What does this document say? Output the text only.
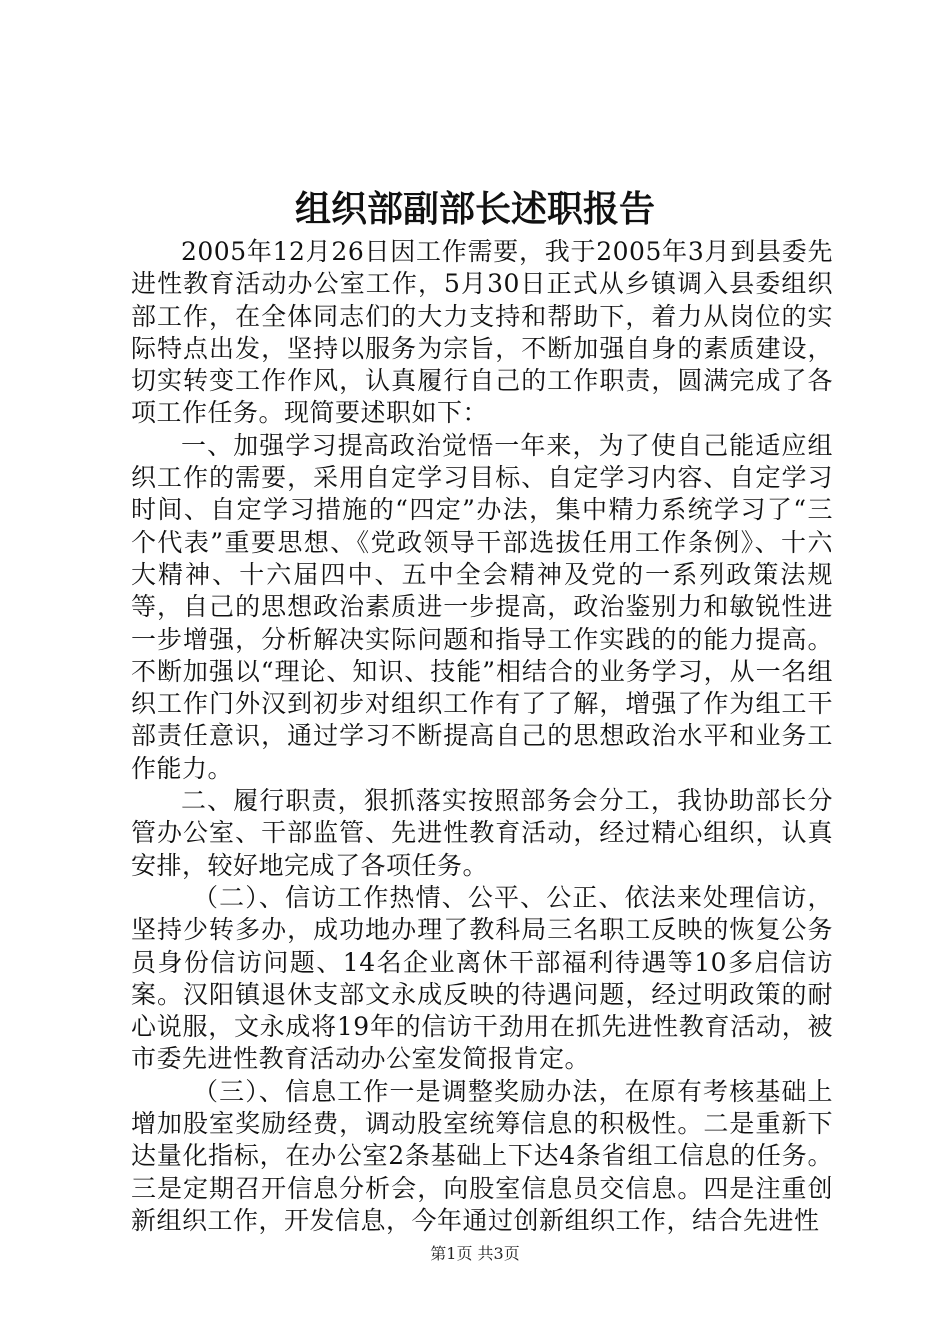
组织部副部长述职报告

2005年12月26日因工作需要，我于2005年3月到县委先进性教育活动办公室工作，5月30日正式从乡镇调入县委组织部工作，在全体同志们的大力支持和帮助下，着力从岗位的实际特点出发，坚持以服务为宗旨，不断加强自身的素质建设，切实转变工作作风，认真履行自己的工作职责，圆满完成了各项工作任务。现简要述职如下：

一、加强学习提高政治觉悟一年来，为了使自己能适应组织工作的需要，采用自定学习目标、自定学习内容、自定学习时间、自定学习措施的“四定”办法，集中精力系统学习了“三个代表”重要思想、《党政领导干部选拔任用工作条例》、十六大精神、十六届四中、五中全会精神及党的一系列政策法规等，自己的思想政治素质进一步提高，政治鉴别力和敏锐性进一步增强，分析解决实际问题和指导工作实践的的能力提高。不断加强以“理论、知识、技能”相结合的业务学习，从一名组织工作门外汉到初步对组织工作有了了解，增强了作为组工干部责任意识，通过学习不断提高自己的思想政治水平和业务工作能力。

二、履行职责，狠抓落实按照部务会分工，我协助部长分管办公室、干部监管、先进性教育活动，经过精心组织，认真安排，较好地完成了各项任务。

（二）、信访工作热情、公平、公正、依法来处理信访，坚持少转多办，成功地办理了教科局三名职工反映的恢复公务员身份信访问题、14名企业离休干部福利待遇等10多启信访案。汉阳镇退休支部文永成反映的待遇问题，经过明政策的耐心说服，文永成将19年的信访干劲用在抓先进性教育活动，被市委先进性教育活动办公室发简报肯定。

（三）、信息工作一是调整奖励办法，在原有考核基础上增加股室奖励经费，调动股室统筹信息的积极性。二是重新下达量化指标，在办公室2条基础上下达4条省组工信息的任务。三是定期召开信息分析会，向股室信息员交信息。四是注重创新组织工作，开发信息，今年通过创新组织工作，结合先进性

第1页 共3页
